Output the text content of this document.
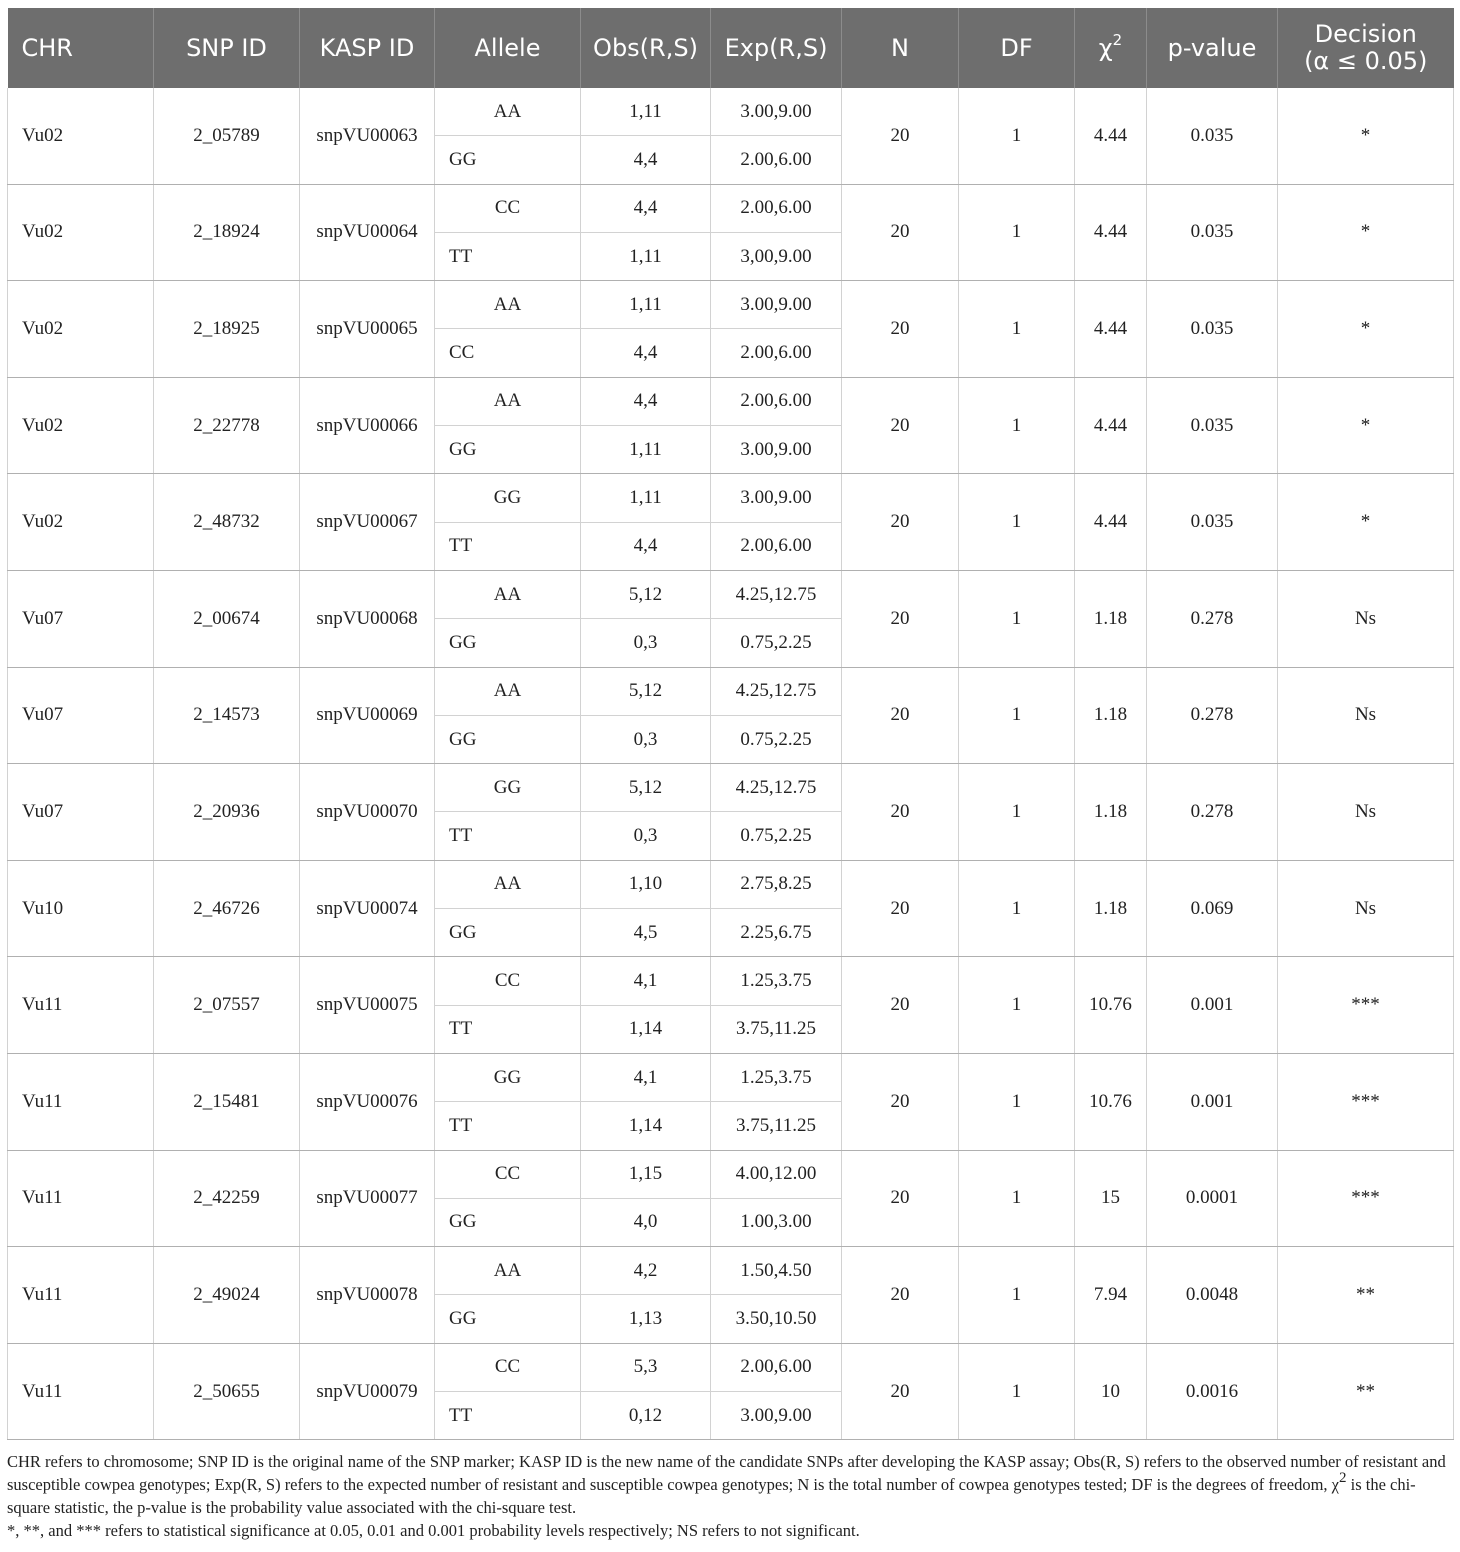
CHR	SNP ID	KASP ID	Allele	Obs(R,S)	Exp(R,S)	N	DF	$\chi^2$	p-value	Decision
(α ≤ 0.05)
Vu02	2_05789	snpVU00063	AA	1,11	3.00,9.00	20	1	4.44	0.035	*
			GG	4,4	2.00,6.00					
Vu02	2_18924	snpVU00064	CC	4,4	2.00,6.00	20	1	4.44	0.035	*
			TT	1,11	3,00,9.00					
Vu02	2_18925	snpVU00065	AA	1,11	3.00,9.00	20	1	4.44	0.035	*
			CC	4,4	2.00,6.00					
Vu02	2_22778	snpVU00066	AA	4,4	2.00,6.00	20	1	4.44	0.035	*
			GG	1,11	3.00,9.00					
Vu02	2_48732	snpVU00067	GG	1,11	3.00,9.00	20	1	4.44	0.035	*
			TT	4,4	2.00,6.00					
Vu07	2_00674	snpVU00068	AA	5,12	4.25,12.75	20	1	1.18	0.278	Ns
			GG	0,3	0.75,2.25					
Vu07	2_14573	snpVU00069	AA	5,12	4.25,12.75	20	1	1.18	0.278	Ns
			GG	0,3	0.75,2.25					
Vu07	2_20936	snpVU00070	GG	5,12	4.25,12.75	20	1	1.18	0.278	Ns
			TT	0,3	0.75,2.25					
Vu10	2_46726	snpVU00074	AA	1,10	2.75,8.25	20	1	1.18	0.069	Ns
			GG	4,5	2.25,6.75					
Vu11	2_07557	snpVU00075	CC	4,1	1.25,3.75	20	1	10.76	0.001	***
			TT	1,14	3.75,11.25					
Vu11	2_15481	snpVU00076	GG	4,1	1.25,3.75	20	1	10.76	0.001	***
			TT	1,14	3.75,11.25					
Vu11	2_42259	snpVU00077	CC	1,15	4.00,12.00	20	1	15	0.0001	***
			GG	4,0	1.00,3.00					
Vu11	2_49024	snpVU00078	AA	4,2	1.50,4.50	20	1	7.94	0.0048	**
			GG	1,13	3.50,10.50					
Vu11	2_50655	snpVU00079	CC	5,3	2.00,6.00	20	1	10	0.0016	**
			TT	0,12	3.00,9.00					

CHR refers to chromosome; SNP ID is the original name of the SNP marker; KASP ID is the new name of the candidate SNPs after developing the KASP assay; Obs(R, S) refers to the observed number of resistant and susceptible cowpea genotypes; Exp(R, S) refers to the expected number of resistant and susceptible cowpea genotypes; N is the total number of cowpea genotypes tested; DF is the degrees of freedom, $\chi^2$ is the chi-square statistic, the p-value is the probability value associated with the chi-square test.

*, **, and *** refers to statistical significance at 0.05, 0.01 and 0.001 probability levels respectively; NS refers to not significant.
